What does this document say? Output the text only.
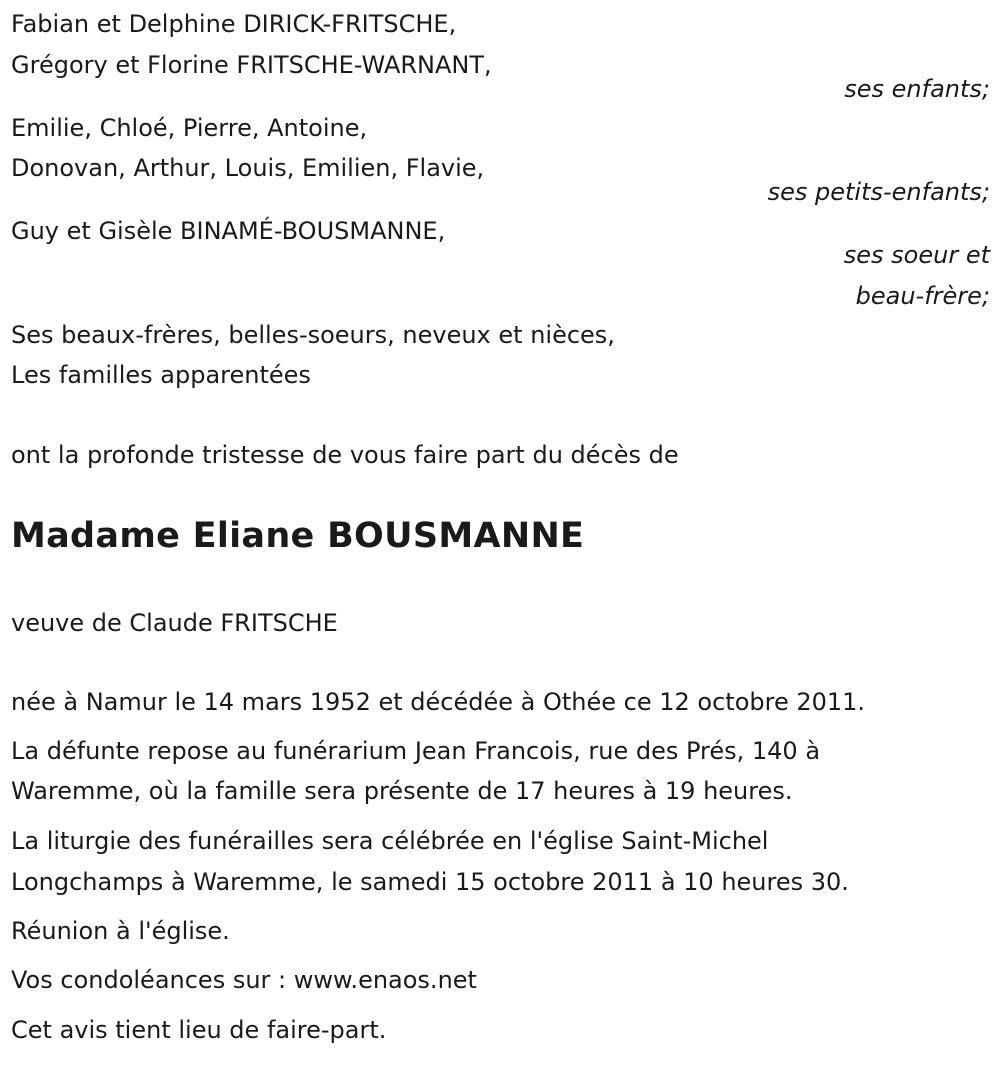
Fabian et Delphine DIRICK-FRITSCHE,
Grégory et Florine FRITSCHE-WARNANT,
ses enfants;
Emilie, Chloé, Pierre, Antoine,
Donovan, Arthur, Louis, Emilien, Flavie,
ses petits-enfants;
Guy et Gisèle BINAMÉ-BOUSMANNE,
ses soeur et
beau-frère;
Ses beaux-frères, belles-soeurs, neveux et nièces,
Les familles apparentées
ont la profonde tristesse de vous faire part du décès de
Madame Eliane BOUSMANNE
veuve de Claude FRITSCHE
née à Namur le 14 mars 1952 et décédée à Othée ce 12 octobre 2011.
La défunte repose au funérarium Jean Francois, rue des Prés, 140 à
Waremme, où la famille sera présente de 17 heures à 19 heures.
La liturgie des funérailles sera célébrée en l'église Saint-Michel
Longchamps à Waremme, le samedi 15 octobre 2011 à 10 heures 30.
Réunion à l'église.
Vos condoléances sur : www.enaos.net
Cet avis tient lieu de faire-part.
